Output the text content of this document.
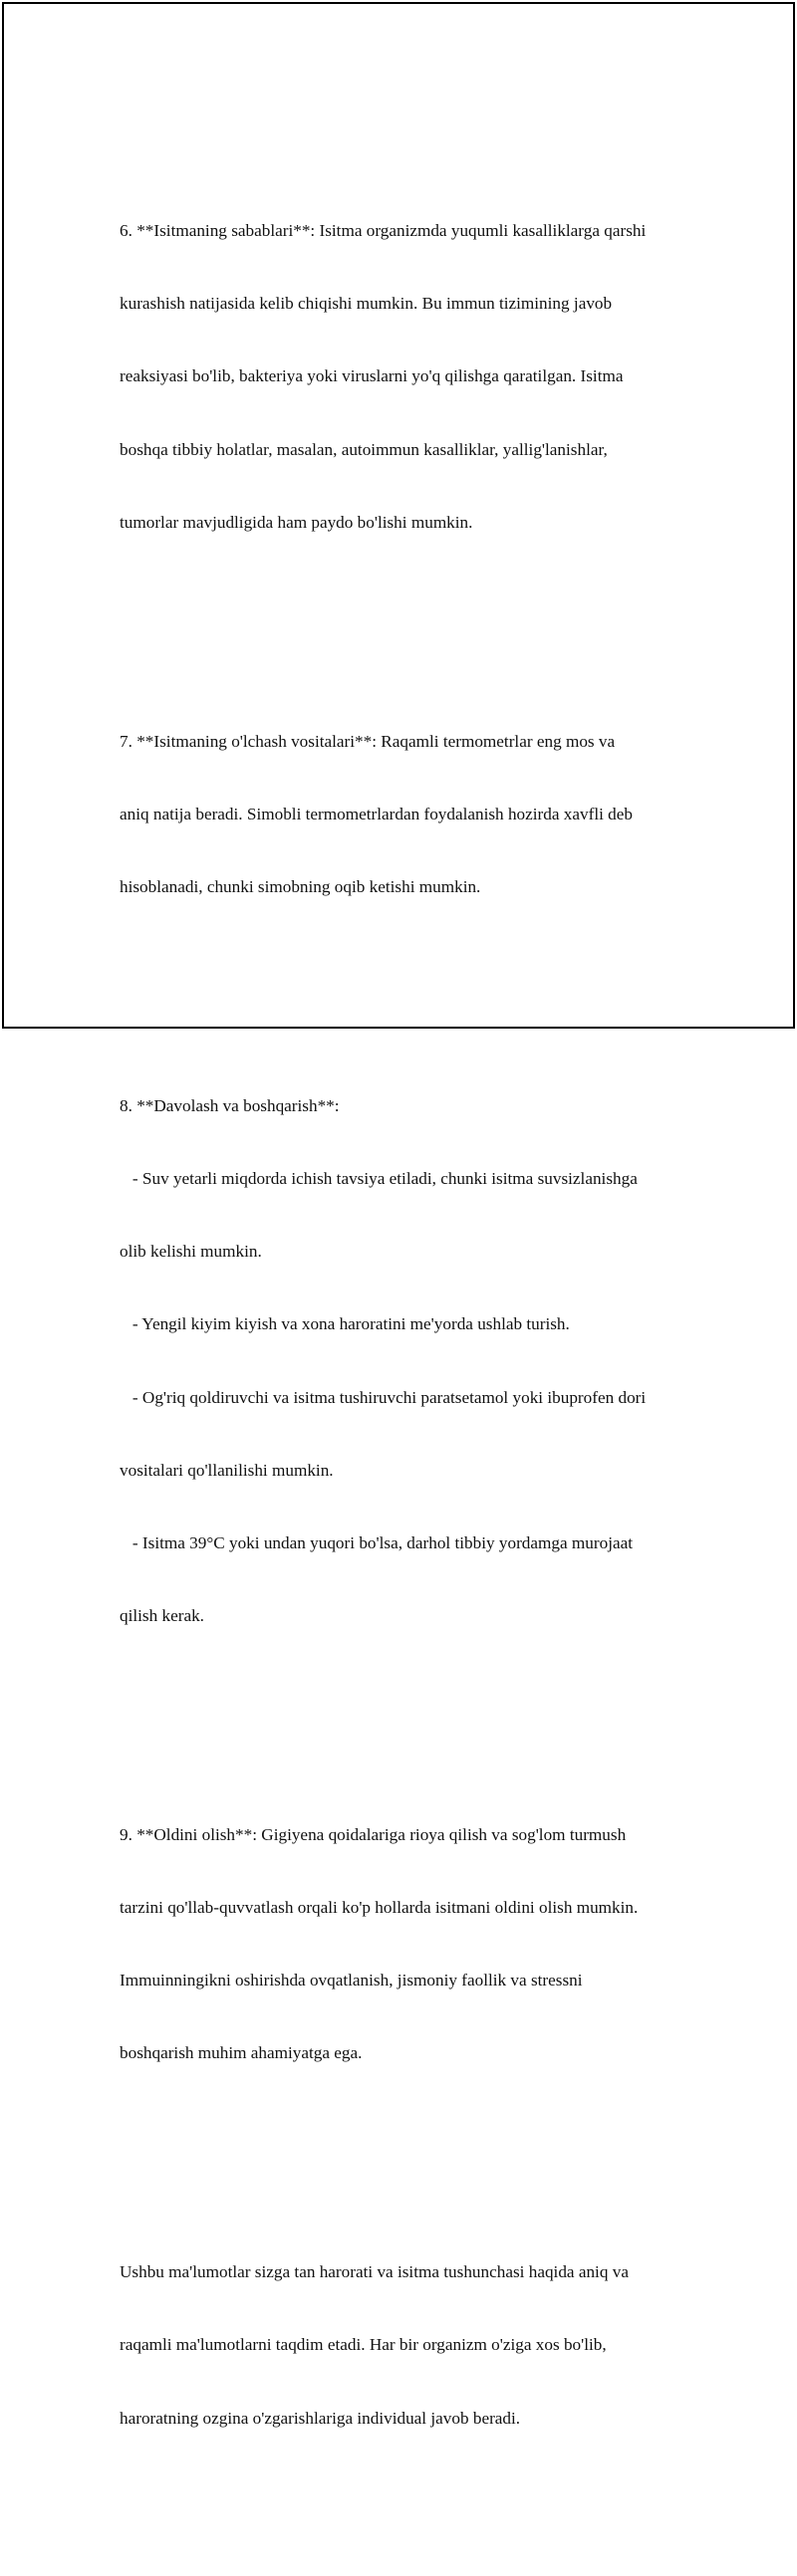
6. **Isitmaning sabablari**: Isitma organizmda yuqumli kasalliklarga qarshi

kurashish natijasida kelib chiqishi mumkin. Bu immun tizimining javob

reaksiyasi bo'lib, bakteriya yoki viruslarni yo'q qilishga qaratilgan. Isitma

boshqa tibbiy holatlar, masalan, autoimmun kasalliklar, yallig'lanishlar,

tumorlar mavjudligida ham paydo bo'lishi mumkin.

7. **Isitmaning o'lchash vositalari**: Raqamli termometrlar eng mos va

aniq natija beradi. Simobli termometrlardan foydalanish hozirda xavfli deb

hisoblanadi, chunki simobning oqib ketishi mumkin.

8. **Davolash va boshqarish**:

- Suv yetarli miqdorda ichish tavsiya etiladi, chunki isitma suvsizlanishga

olib kelishi mumkin.

- Yengil kiyim kiyish va xona haroratini me'yorda ushlab turish.

- Og'riq qoldiruvchi va isitma tushiruvchi paratsetamol yoki ibuprofen dori

vositalari qo'llanilishi mumkin.

- Isitma 39°C yoki undan yuqori bo'lsa, darhol tibbiy yordamga murojaat

qilish kerak.

9. **Oldini olish**: Gigiyena qoidalariga rioya qilish va sog'lom turmush

tarzini qo'llab-quvvatlash orqali ko'p hollarda isitmani oldini olish mumkin.

Immuinningikni oshirishda ovqatlanish, jismoniy faollik va stressni

boshqarish muhim ahamiyatga ega.

Ushbu ma'lumotlar sizga tan harorati va isitma tushunchasi haqida aniq va

raqamli ma'lumotlarni taqdim etadi. Har bir organizm o'ziga xos bo'lib,

haroratning ozgina o'zgarishlariga individual javob beradi.
